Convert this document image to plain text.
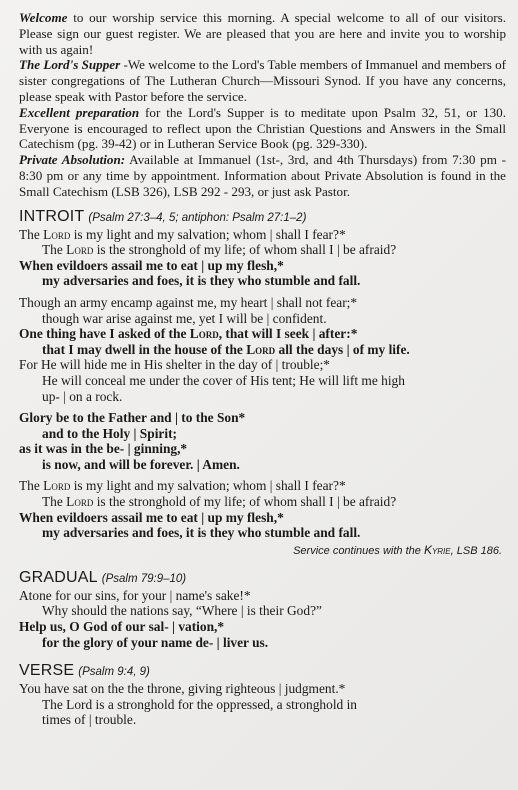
Welcome to our worship service this morning. A special welcome to all of our visitors. Please sign our guest register. We are pleased that you are here and invite you to worship with us again!

The Lord's Supper -We welcome to the Lord's Table members of Immanuel and members of sister congregations of The Lutheran Church—Missouri Synod. If you have any concerns, please speak with Pastor before the service.

Excellent preparation for the Lord's Supper is to meditate upon Psalm 32, 51, or 130. Everyone is encouraged to reflect upon the Christian Questions and Answers in the Small Catechism (pg. 39-42) or in Lutheran Service Book (pg. 329-330).

Private Absolution: Available at Immanuel (1st-, 3rd, and 4th Thursdays) from 7:30 pm - 8:30 pm or any time by appointment. Information about Private Absolution is found in the Small Catechism (LSB 326), LSB 292 - 293, or just ask Pastor.

INTROIT (Psalm 27:3–4, 5; antiphon: Psalm 27:1–2)
The Lord is my light and my salvation; whom | shall I fear?*
The Lord is the stronghold of my life; of whom shall I | be afraid?
When evildoers assail me to eat | up my flesh,*
my adversaries and foes, it is they who stumble and fall.
Though an army encamp against me, my heart | shall not fear;*
though war arise against me, yet I will be | confident.
One thing have I asked of the Lord, that will I seek | after:*
that I may dwell in the house of the Lord all the days | of my life.
For He will hide me in His shelter in the day of | trouble;*
He will conceal me under the cover of His tent; He will lift me high
up- | on a rock.
Glory be to the Father and | to the Son*
and to the Holy | Spirit;
as it was in the be- | ginning,*
is now, and will be forever. | Amen.
The Lord is my light and my salvation; whom | shall I fear?*
The Lord is the stronghold of my life; of whom shall I | be afraid?
When evildoers assail me to eat | up my flesh,*
my adversaries and foes, it is they who stumble and fall.
Service continues with the Kyrie, LSB 186.
GRADUAL (Psalm 79:9–10)
Atone for our sins, for your | name's sake!*
Why should the nations say, “Where | is their God?”
Help us, O God of our sal- | vation,*
for the glory of your name de- | liver us.
VERSE (Psalm 9:4, 9)
You have sat on the the throne, giving righteous | judgment.*
The Lord is a stronghold for the oppressed, a stronghold in
times of | trouble.
